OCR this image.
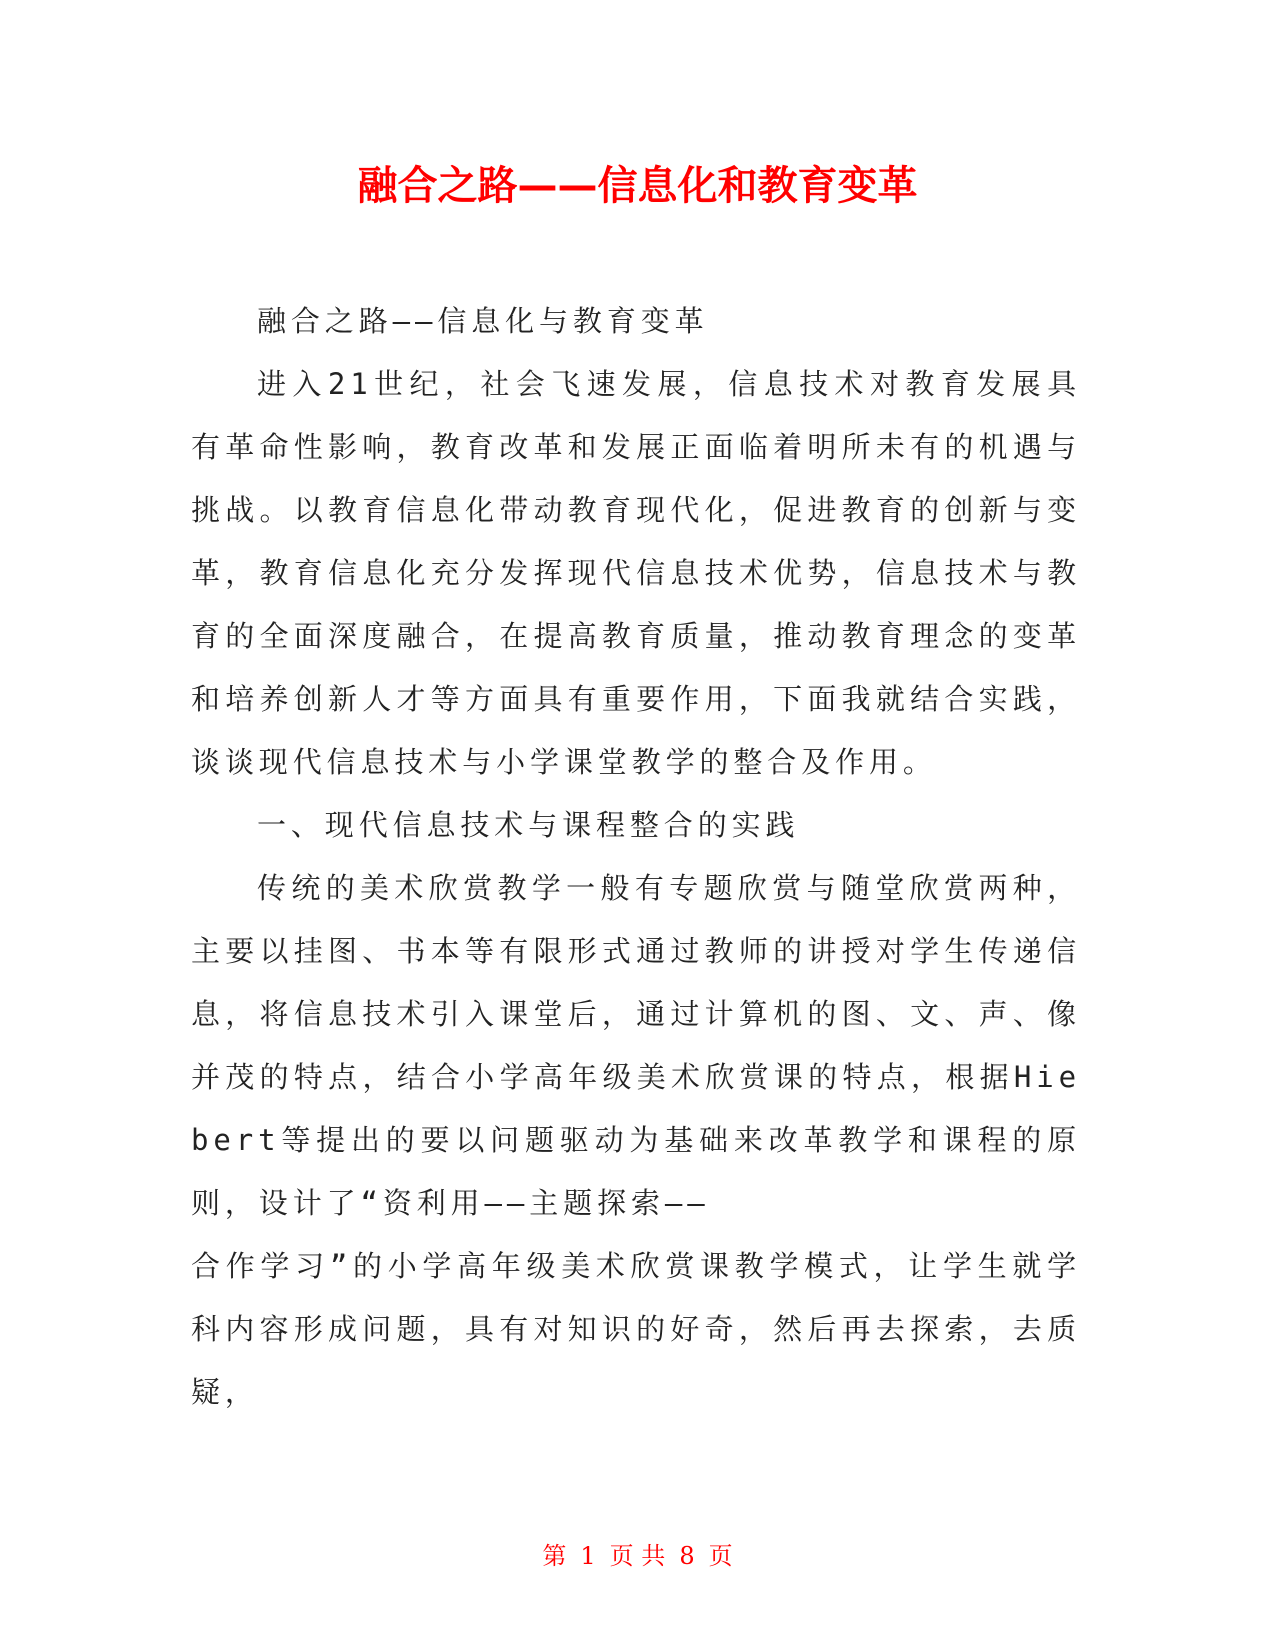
融合之路——信息化和教育变革

融合之路——信息化与教育变革

进入21世纪，社会飞速发展，信息技术对教育发展具有革命性影响，教育改革和发展正面临着明所未有的机遇与挑战。以教育信息化带动教育现代化，促进教育的创新与变革，教育信息化充分发挥现代信息技术优势，信息技术与教育的全面深度融合，在提高教育质量，推动教育理念的变革和培养创新人才等方面具有重要作用，下面我就结合实践，谈谈现代信息技术与小学课堂教学的整合及作用。

一、现代信息技术与课程整合的实践

传统的美术欣赏教学一般有专题欣赏与随堂欣赏两种，主要以挂图、书本等有限形式通过教师的讲授对学生传递信息，将信息技术引入课堂后，通过计算机的图、文、声、像并茂的特点，结合小学高年级美术欣赏课的特点，根据Hiebert等提出的要以问题驱动为基础来改革教学和课程的原则，设计了“资利用——主题探索——

合作学习”的小学高年级美术欣赏课教学模式，让学生就学科内容形成问题，具有对知识的好奇，然后再去探索，去质疑，

第 1 页 共 8 页
